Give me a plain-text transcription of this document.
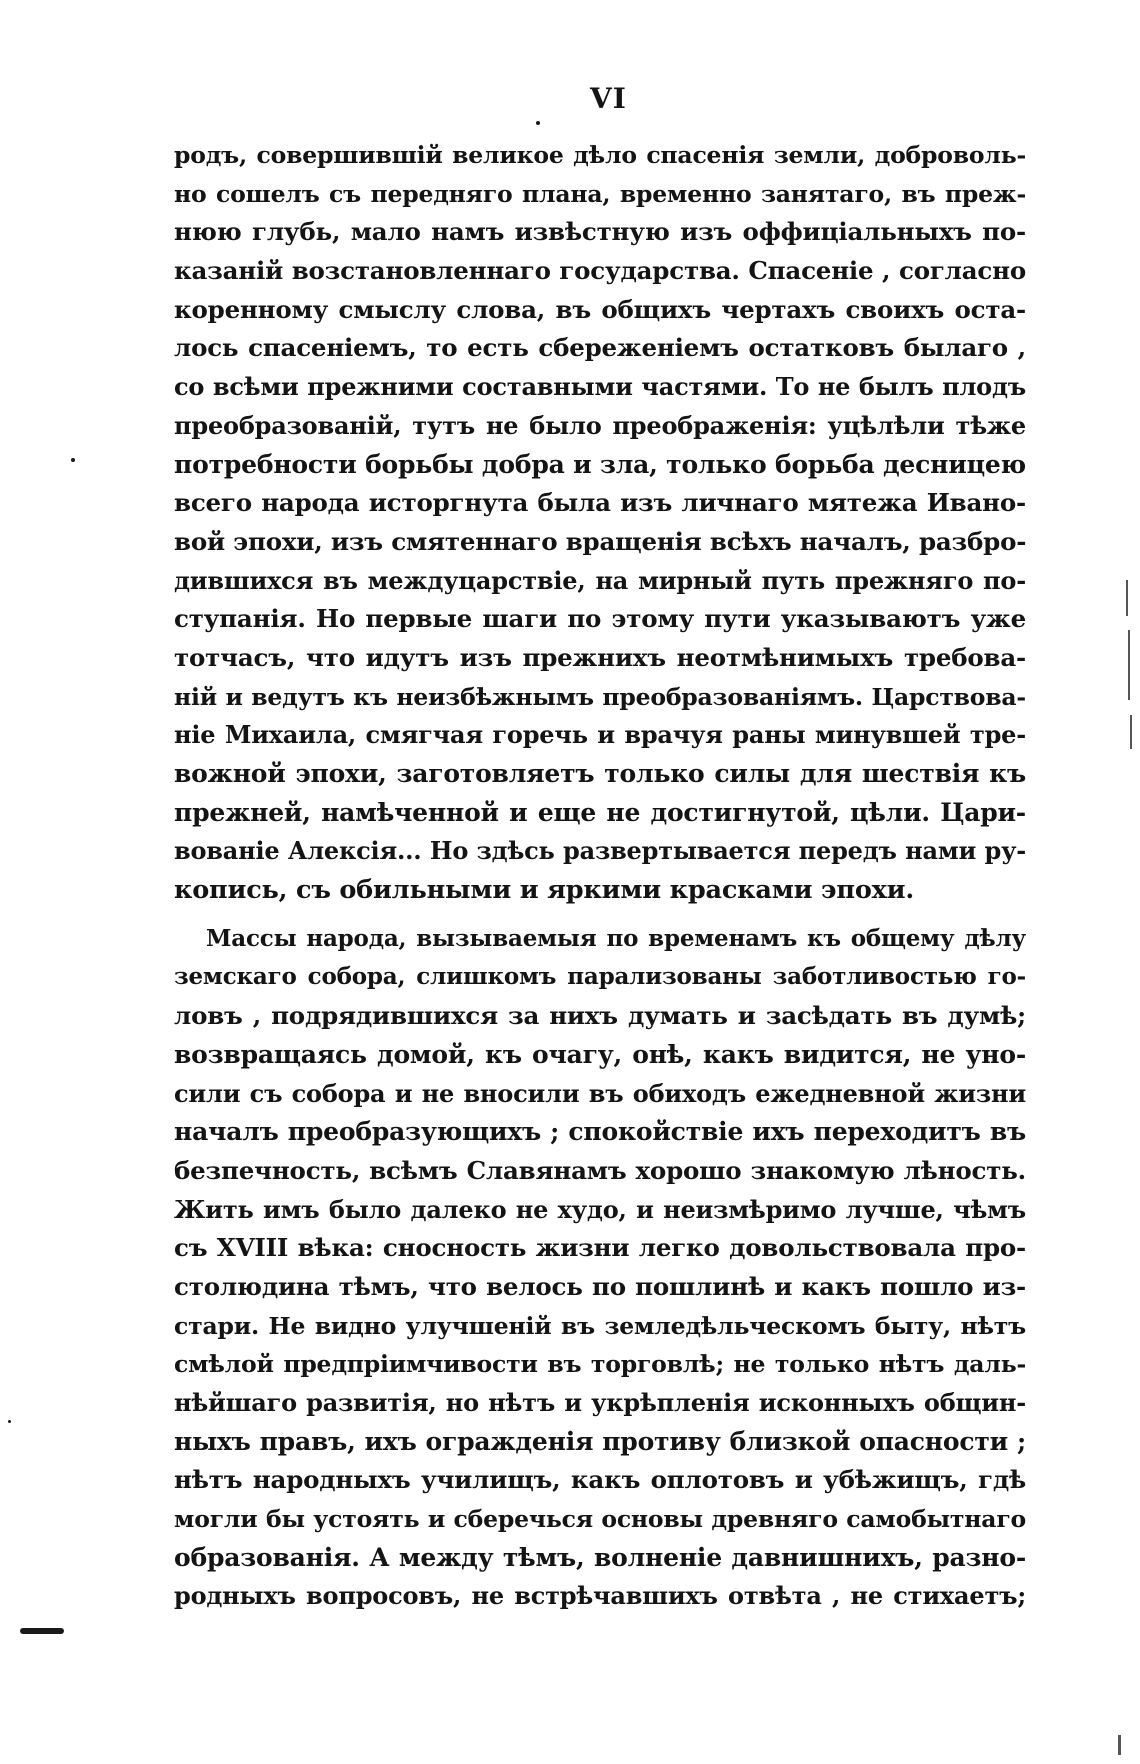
VI
родъ, совершившій великое дѣло спасенія земли, доброволь-
но сошелъ съ передняго плана, временно занятаго, въ преж-
нюю глубь, мало намъ извѣстную изъ оффиціальныхъ по-
казаній возстановленнаго государства. Спасеніе , согласно
коренному смыслу слова, въ общихъ чертахъ своихъ оста-
лось спасеніемъ, то есть сбереженіемъ остатковъ былаго ,
со всѣми прежними составными частями. То не былъ плодъ
преобразованій, тутъ не было преображенія: уцѣлѣли тѣже
потребности борьбы добра и зла, только борьба десницею
всего народа исторгнута была изъ личнаго мятежа Ивано-
вой эпохи, изъ смятеннаго вращенія всѣхъ началъ, разбро-
дившихся въ междуцарствіе, на мирный путь прежняго по-
ступанія. Но первые шаги по этому пути указываютъ уже
тотчасъ, что идутъ изъ прежнихъ неотмѣнимыхъ требова-
ній и ведутъ къ неизбѣжнымъ преобразованіямъ. Царствова-
ніе Михаила, смягчая горечь и врачуя раны минувшей тре-
вожной эпохи, заготовляетъ только силы для шествія къ
прежней, намѣченной и еще не достигнутой, цѣли. Цари-
вованіе Алексія... Но здѣсь развертывается передъ нами ру-
копись, съ обильными и яркими красками эпохи.
Массы народа, вызываемыя по временамъ къ общему дѣлу
земскаго собора, слишкомъ парализованы заботливостью го-
ловъ , подрядившихся за нихъ думать и засѣдать въ думѣ;
возвращаясь домой, къ очагу, онѣ, какъ видится, не уно-
сили съ собора и не вносили въ обиходъ ежедневной жизни
началъ преобразующихъ ; спокойствіе ихъ переходитъ въ
безпечность, всѣмъ Славянамъ хорошо знакомую лѣность.
Жить имъ было далеко не худо, и неизмѣримо лучше, чѣмъ
съ XVIII вѣка: сносность жизни легко довольствовала про-
столюдина тѣмъ, что велось по пошлинѣ и какъ пошло из-
стари. Не видно улучшеній въ земледѣльческомъ быту, нѣтъ
смѣлой предпріимчивости въ торговлѣ; не только нѣтъ даль-
нѣйшаго развитія, но нѣтъ и укрѣпленія исконныхъ общин-
ныхъ правъ, ихъ огражденія противу близкой опасности ;
нѣтъ народныхъ училищъ, какъ оплотовъ и убѣжищъ, гдѣ
могли бы устоять и сберечься основы древняго самобытнаго
образованія. А между тѣмъ, волненіе давнишнихъ, разно-
родныхъ вопросовъ, не встрѣчавшихъ отвѣта , не стихаетъ;
